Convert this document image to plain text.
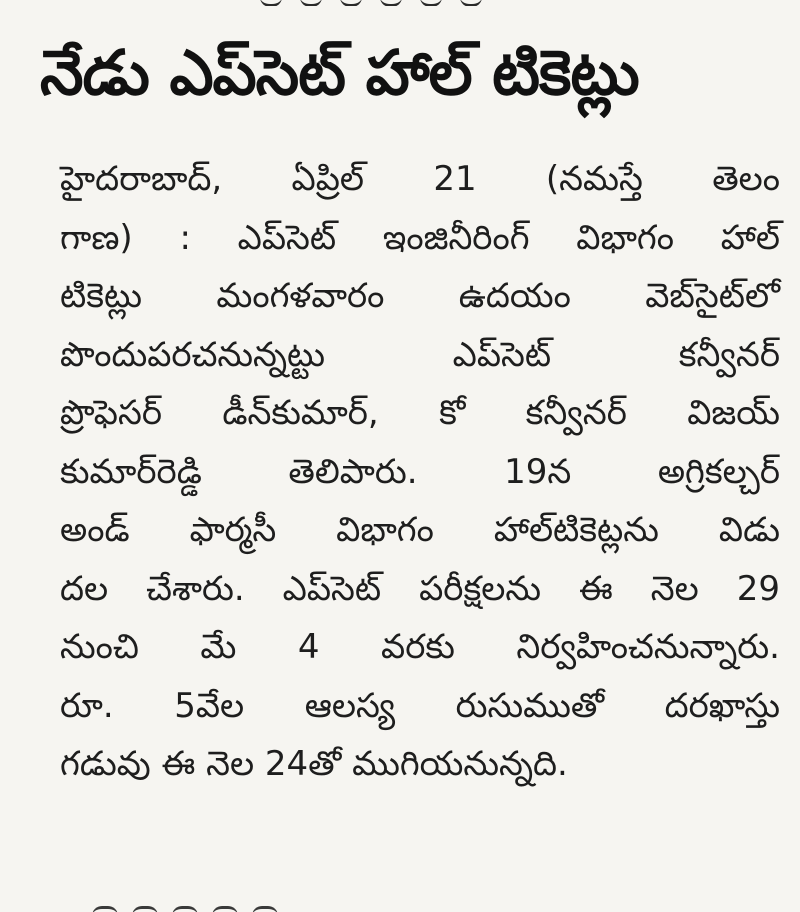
నేడు ఎప్‌సెట్ హాల్ టికెట్లు
హైదరాబాద్, ఏప్రిల్ 21 (నమస్తే తెలం
గాణ) : ఎప్‌సెట్ ఇంజినీరింగ్ విభాగం హాల్
టికెట్లు మంగళవారం ఉదయం వెబ్‌సైట్‌లో
పొందుపరచనున్నట్టు ఎప్‌సెట్ కన్వీనర్
ప్రొఫెసర్ డీన్‌కుమార్, కో కన్వీనర్ విజయ్
కుమార్‌రెడ్డి తెలిపారు. 19న అగ్రికల్చర్
అండ్ ఫార్మసీ విభాగం హాల్‌టికెట్లను విడు
దల చేశారు. ఎప్‌సెట్ పరీక్షలను ఈ నెల 29
నుంచి మే 4 వరకు నిర్వహించనున్నారు.
రూ. 5వేల ఆలస్య రుసుముతో దరఖాస్తు
గడువు ఈ నెల 24తో ముగియనున్నది.
